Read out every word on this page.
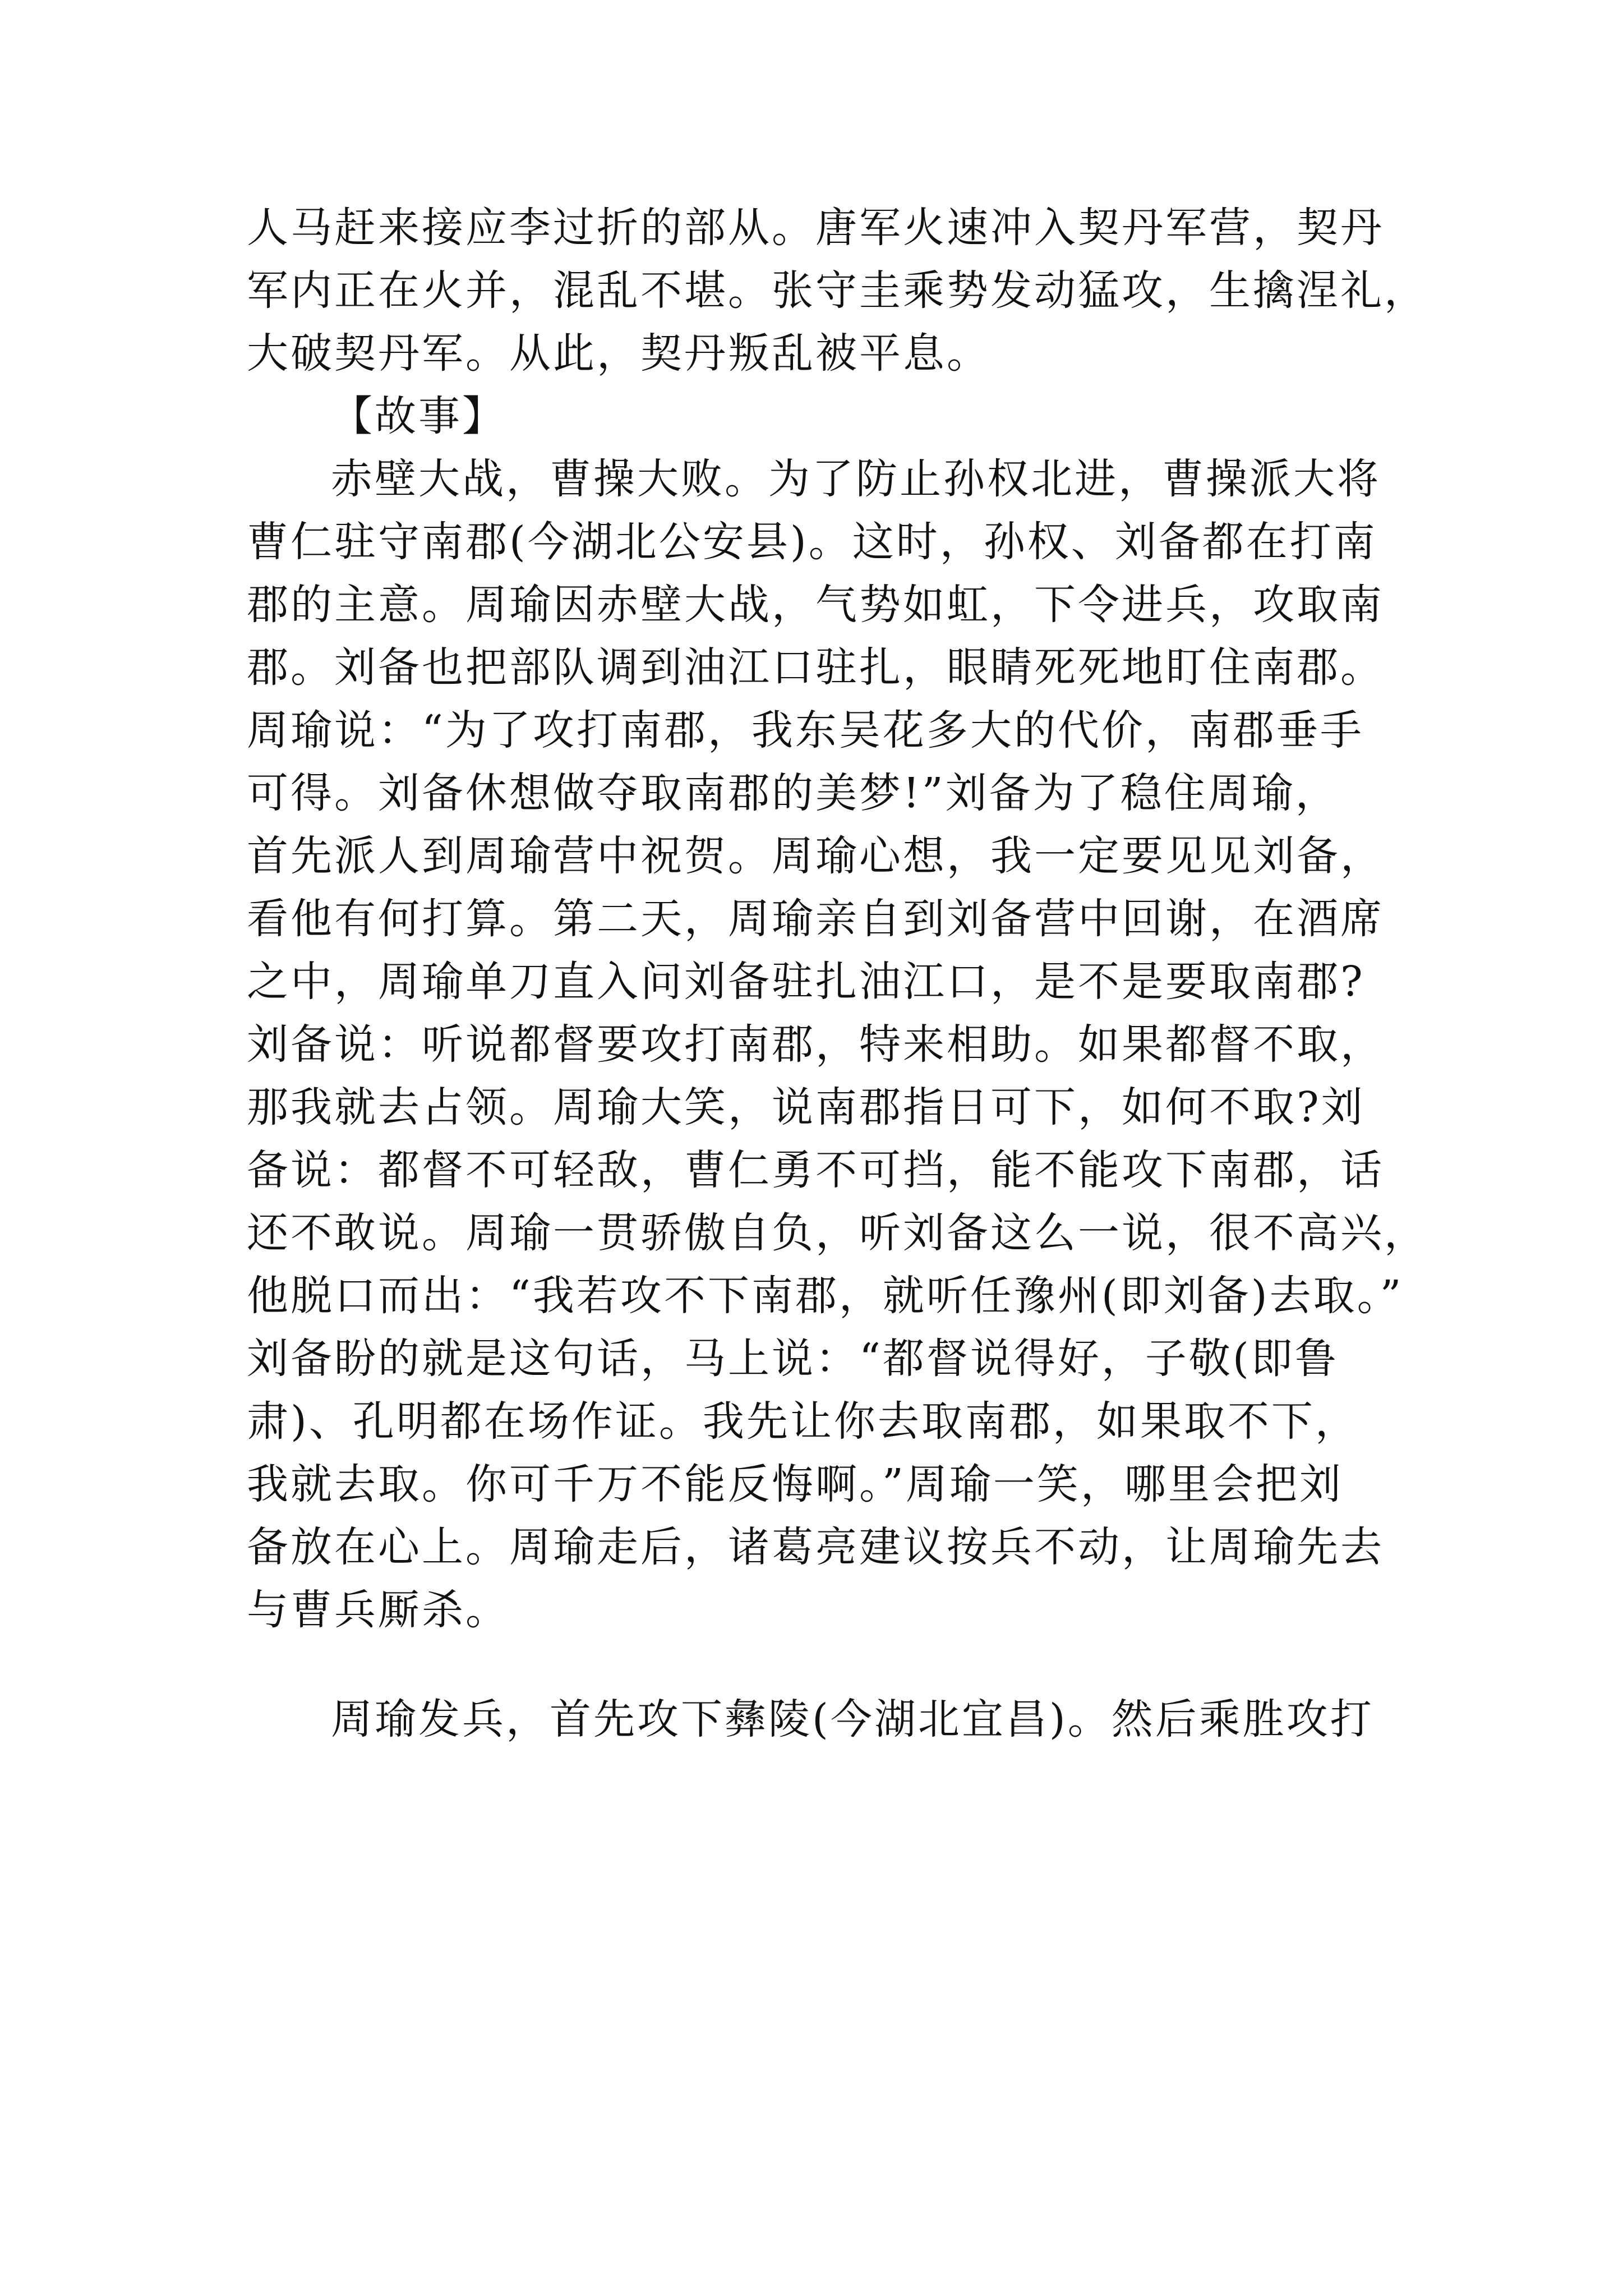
人马赶来接应李过折的部从。唐军火速冲入契丹军营，契丹
军内正在火并，混乱不堪。张守圭乘势发动猛攻，生擒涅礼，
大破契丹军。从此，契丹叛乱被平息。
【故事】
赤壁大战，曹操大败。为了防止孙权北进，曹操派大将
曹仁驻守南郡(今湖北公安县)。这时，孙权、刘备都在打南
郡的主意。周瑜因赤壁大战，气势如虹，下令进兵，攻取南
郡。刘备也把部队调到油江口驻扎，眼睛死死地盯住南郡。
周瑜说：“为了攻打南郡，我东吴花多大的代价，南郡垂手
可得。刘备休想做夺取南郡的美梦!”刘备为了稳住周瑜，
首先派人到周瑜营中祝贺。周瑜心想，我一定要见见刘备，
看他有何打算。第二天，周瑜亲自到刘备营中回谢，在酒席
之中，周瑜单刀直入问刘备驻扎油江口，是不是要取南郡?
刘备说：听说都督要攻打南郡，特来相助。如果都督不取，
那我就去占领。周瑜大笑，说南郡指日可下，如何不取?刘
备说：都督不可轻敌，曹仁勇不可挡，能不能攻下南郡，话
还不敢说。周瑜一贯骄傲自负，听刘备这么一说，很不高兴，
他脱口而出：“我若攻不下南郡，就听任豫州(即刘备)去取。”
刘备盼的就是这句话，马上说：“都督说得好，子敬(即鲁
肃)、孔明都在场作证。我先让你去取南郡，如果取不下，
我就去取。你可千万不能反悔啊。”周瑜一笑，哪里会把刘
备放在心上。周瑜走后，诸葛亮建议按兵不动，让周瑜先去
与曹兵厮杀。
周瑜发兵，首先攻下彝陵(今湖北宜昌)。然后乘胜攻打
